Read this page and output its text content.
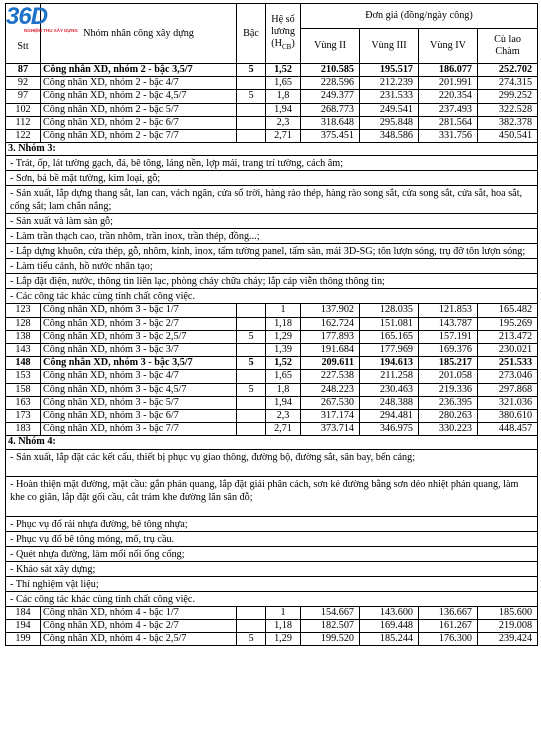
36D
NGHIỆM THU XÂY DỰNG
Stt	Nhóm nhân công xây dựng	Bậc	Hệ số
lương
$(H_{CB})$	Đơn giá (đồng/ngày công)			
				Vùng II	Vùng III	Vùng IV	Cù lao
Chàm
87	Công nhân XD, nhóm 2 - bậc 3,5/7	5	1,52	210.585	195.517	186.077	252.702
92	Công nhân XD, nhóm 2 - bậc 4/7		1,65	228.596	212.239	201.991	274.315
97	Công nhân XD, nhóm 2 - bậc 4,5/7	5	1,8	249.377	231.533	220.354	299.252
102	Công nhân XD, nhóm 2 - bậc 5/7		1,94	268.773	249.541	237.493	322.528
112	Công nhân XD, nhóm 2 - bậc 6/7		2,3	318.648	295.848	281.564	382.378
122	Công nhân XD, nhóm 2 - bậc 7/7		2,71	375.451	348.586	331.756	450.541
3. Nhóm 3:							
- Trát, ốp, lát tường gạch, đá, bê tông, láng nền, lợp mái, trang trí tường, cách âm;							
- Sơn, bả bề mặt tường, kim loại, gỗ;							
- Sản xuất, lắp dựng thang sắt, lan can, vách ngăn, cửa sổ trời, hàng rào thép, hàng rào song sắt, cửa song sắt, cửa sắt, hoa sắt, cổng sắt; lam chắn nắng;							
- Sản xuất và làm sàn gỗ;							
- Làm trần thạch cao, trần nhôm, trần inox, trần thép, đồng...;							
- Lắp dựng khuôn, cửa thép, gỗ, nhôm, kính, inox, tấm tường panel, tấm sàn, mái 3D-SG; tôn lượn sóng, trụ đỡ tôn lượn sóng;							
- Làm tiểu cảnh, hồ nước nhân tạo;							
- Lắp đặt điện, nước, thông tin liên lạc, phòng cháy chữa cháy; lắp cáp viễn thông thông tin;							
- Các công tác khác cùng tính chất công việc.							
123	Công nhân XD, nhóm 3 - bậc 1/7		1	137.902	128.035	121.853	165.482
128	Công nhân XD, nhóm 3 - bậc 2/7		1,18	162.724	151.081	143.787	195.269
138	Công nhân XD, nhóm 3 - bậc 2,5/7	5	1,29	177.893	165.165	157.191	213.472
143	Công nhân XD, nhóm 3 - bậc 3/7		1,39	191.684	177.969	169.376	230.021
148	Công nhân XD, nhóm 3 - bậc 3,5/7	5	1,52	209.611	194.613	185.217	251.533
153	Công nhân XD, nhóm 3 - bậc 4/7		1,65	227.538	211.258	201.058	273.046
158	Công nhân XD, nhóm 3 - bậc 4,5/7	5	1,8	248.223	230.463	219.336	297.868
163	Công nhân XD, nhóm 3 - bậc 5/7		1,94	267.530	248.388	236.395	321.036
173	Công nhân XD, nhóm 3 - bậc 6/7		2,3	317.174	294.481	280.263	380.610
183	Công nhân XD, nhóm 3 - bậc 7/7		2,71	373.714	346.975	330.223	448.457
4. Nhóm 4:							
- Sản xuất, lắp đặt các kết cấu, thiết bị phục vụ giao thông, đường bộ, đường sắt, sân bay, bến cảng;							
- Hoàn thiện mặt đường, mặt cầu: gắn phản quang, lắp đặt giải phân cách, sơn kẻ đường bằng sơn dẻo nhiệt phản quang, làm khe co giãn, lắp đặt gối cầu, cắt trám khe đường lăn sân đỗ;							
- Phục vụ đổ rải nhựa đường, bê tông nhựa;							
- Phục vụ đổ bê tông móng, mố, trụ cầu.							
- Quét nhựa đường, làm mối nối ống cống;							
- Khảo sát xây dựng;							
- Thí nghiệm vật liệu;							
- Các công tác khác cùng tính chất công việc.							
184	Công nhân XD, nhóm 4 - bậc 1/7		1	154.667	143.600	136.667	185.600
194	Công nhân XD, nhóm 4 - bậc 2/7		1,18	182.507	169.448	161.267	219.008
199	Công nhân XD, nhóm 4 - bậc 2,5/7	5	1,29	199.520	185.244	176.300	239.424
